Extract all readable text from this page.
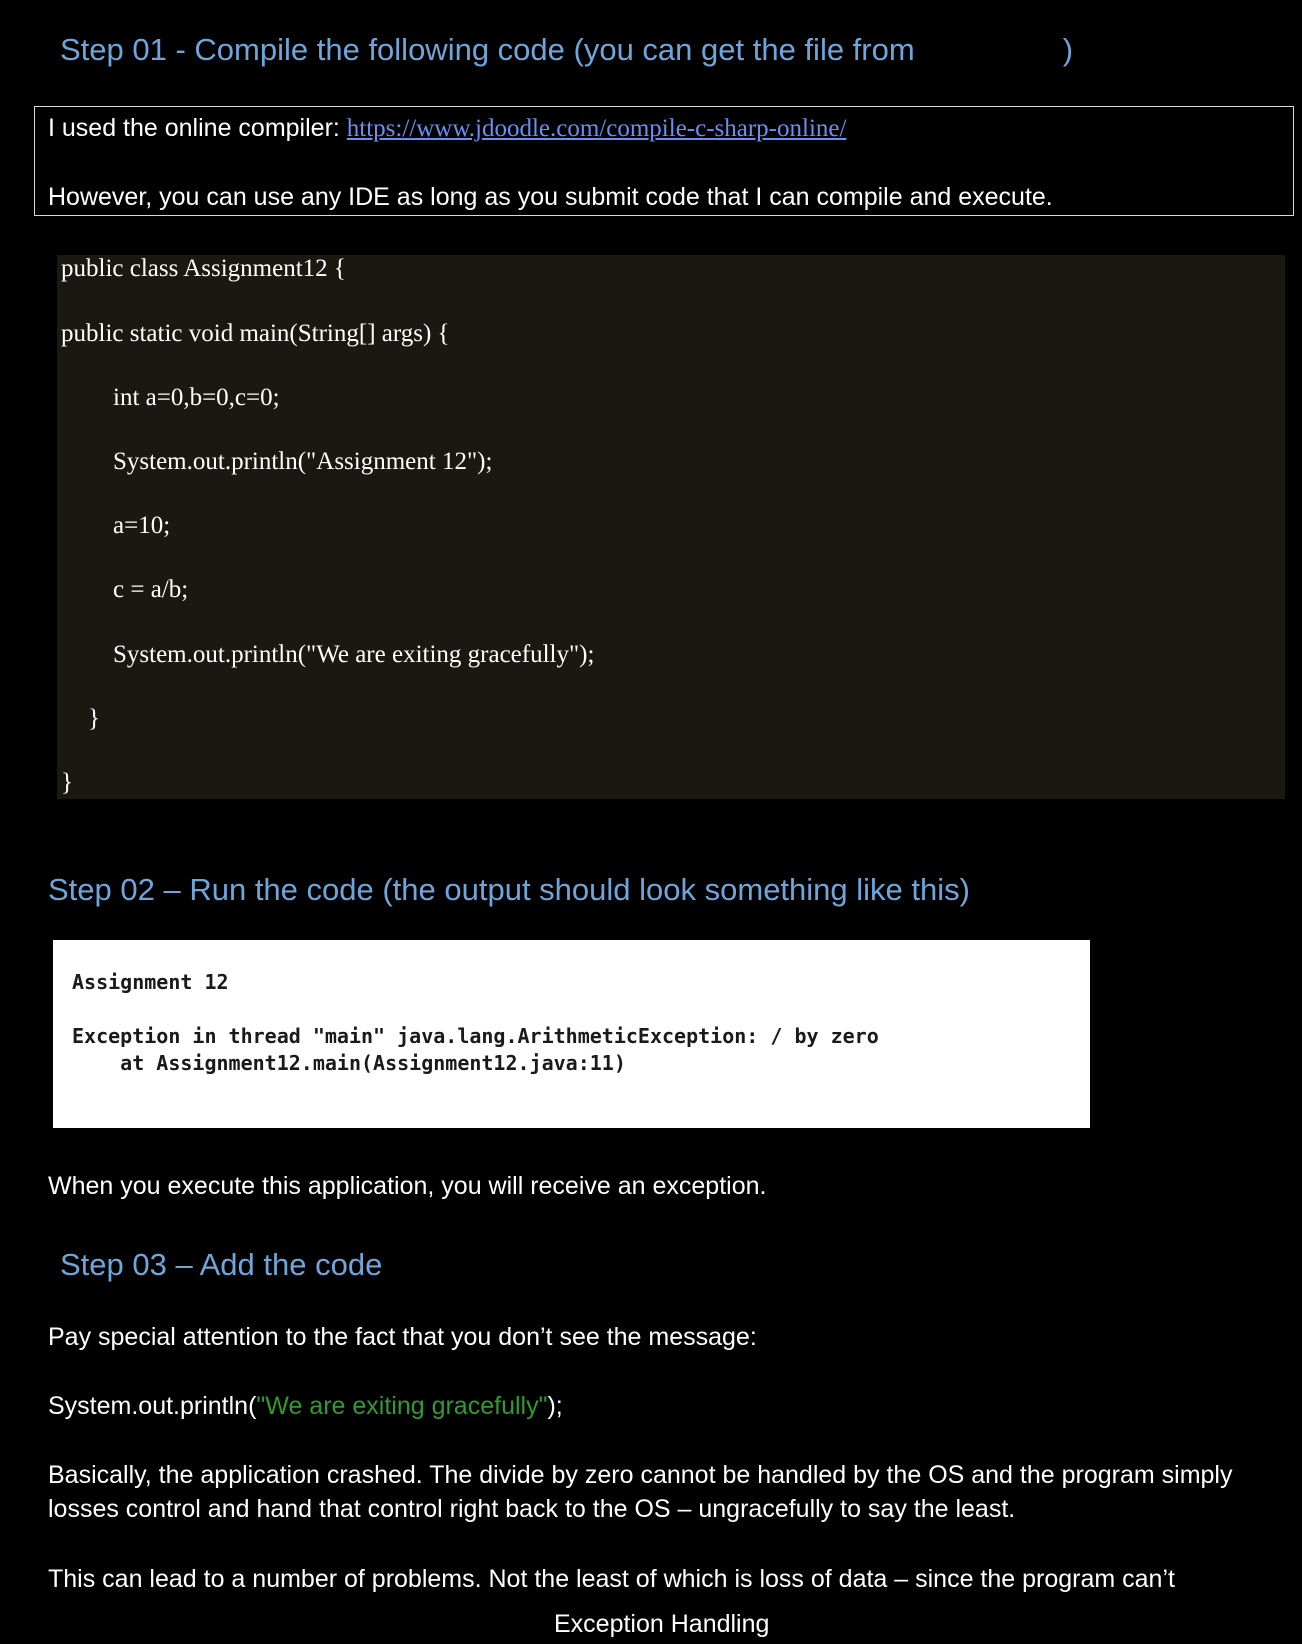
Step 01 - Compile the following code (you can get the file from	)
I used the online compiler: https://www.jdoodle.com/compile-c-sharp-online/
However, you can use any IDE as long as you submit code that I can compile and execute.
public class Assignment12 {
public static void main(String[] args) {
int a=0,b=0,c=0;
System.out.println("Assignment 12");
a=10;
c = a/b;
System.out.println("We are exiting gracefully");
}
}
Step 02 – Run the code (the output should look something like this)
Assignment 12
Exception in thread "main" java.lang.ArithmeticException: / by zero
at Assignment12.main(Assignment12.java:11)
When you execute this application, you will receive an exception.
Step 03 – Add the code
Pay special attention to the fact that you don’t see the message:
System.out.println("We are exiting gracefully");
Basically, the application crashed. The divide by zero cannot be handled by the OS and the program simply
losses control and hand that control right back to the OS – ungracefully to say the least.
This can lead to a number of problems. Not the least of which is loss of data – since the program can’t
Exception Handling
